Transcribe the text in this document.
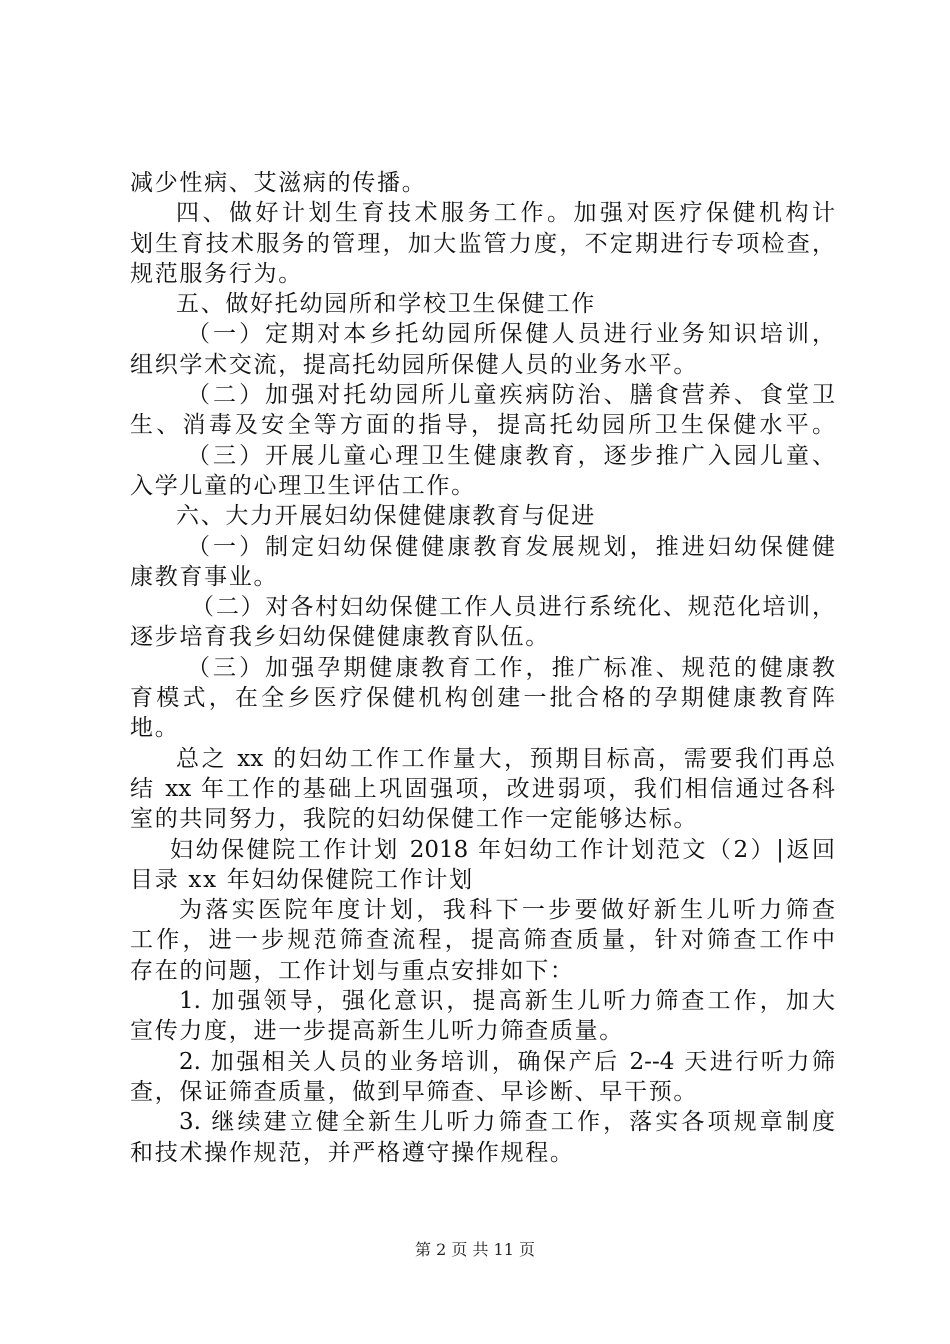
减少性病、艾滋病的传播。
四、做好计划生育技术服务工作。加强对医疗保健机构计
划生育技术服务的管理，加大监管力度，不定期进行专项检查，
规范服务行为。
五、做好托幼园所和学校卫生保健工作
（一）定期对本乡托幼园所保健人员进行业务知识培训，
组织学术交流，提高托幼园所保健人员的业务水平。
（二）加强对托幼园所儿童疾病防治、膳食营养、食堂卫
生、消毒及安全等方面的指导，提高托幼园所卫生保健水平。
（三）开展儿童心理卫生健康教育，逐步推广入园儿童、
入学儿童的心理卫生评估工作。
六、大力开展妇幼保健健康教育与促进
（一）制定妇幼保健健康教育发展规划，推进妇幼保健健
康教育事业。
（二）对各村妇幼保健工作人员进行系统化、规范化培训，
逐步培育我乡妇幼保健健康教育队伍。
（三）加强孕期健康教育工作，推广标准、规范的健康教
育模式，在全乡医疗保健机构创建一批合格的孕期健康教育阵
地。
总之 xx 的妇幼工作工作量大，预期目标高，需要我们再总
结 xx 年工作的基础上巩固强项，改进弱项，我们相信通过各科
室的共同努力，我院的妇幼保健工作一定能够达标。
妇幼保健院工作计划 2018 年妇幼工作计划范文（2）|返回
目录 xx 年妇幼保健院工作计划
为落实医院年度计划，我科下一步要做好新生儿听力筛查
工作，进一步规范筛查流程，提高筛查质量，针对筛查工作中
存在的问题，工作计划与重点安排如下：
1. 加强领导，强化意识，提高新生儿听力筛查工作，加大
宣传力度，进一步提高新生儿听力筛查质量。
2. 加强相关人员的业务培训，确保产后 2--4 天进行听力筛
查，保证筛查质量，做到早筛查、早诊断、早干预。
3. 继续建立健全新生儿听力筛查工作，落实各项规章制度
和技术操作规范，并严格遵守操作规程。
第 2 页 共 11 页
